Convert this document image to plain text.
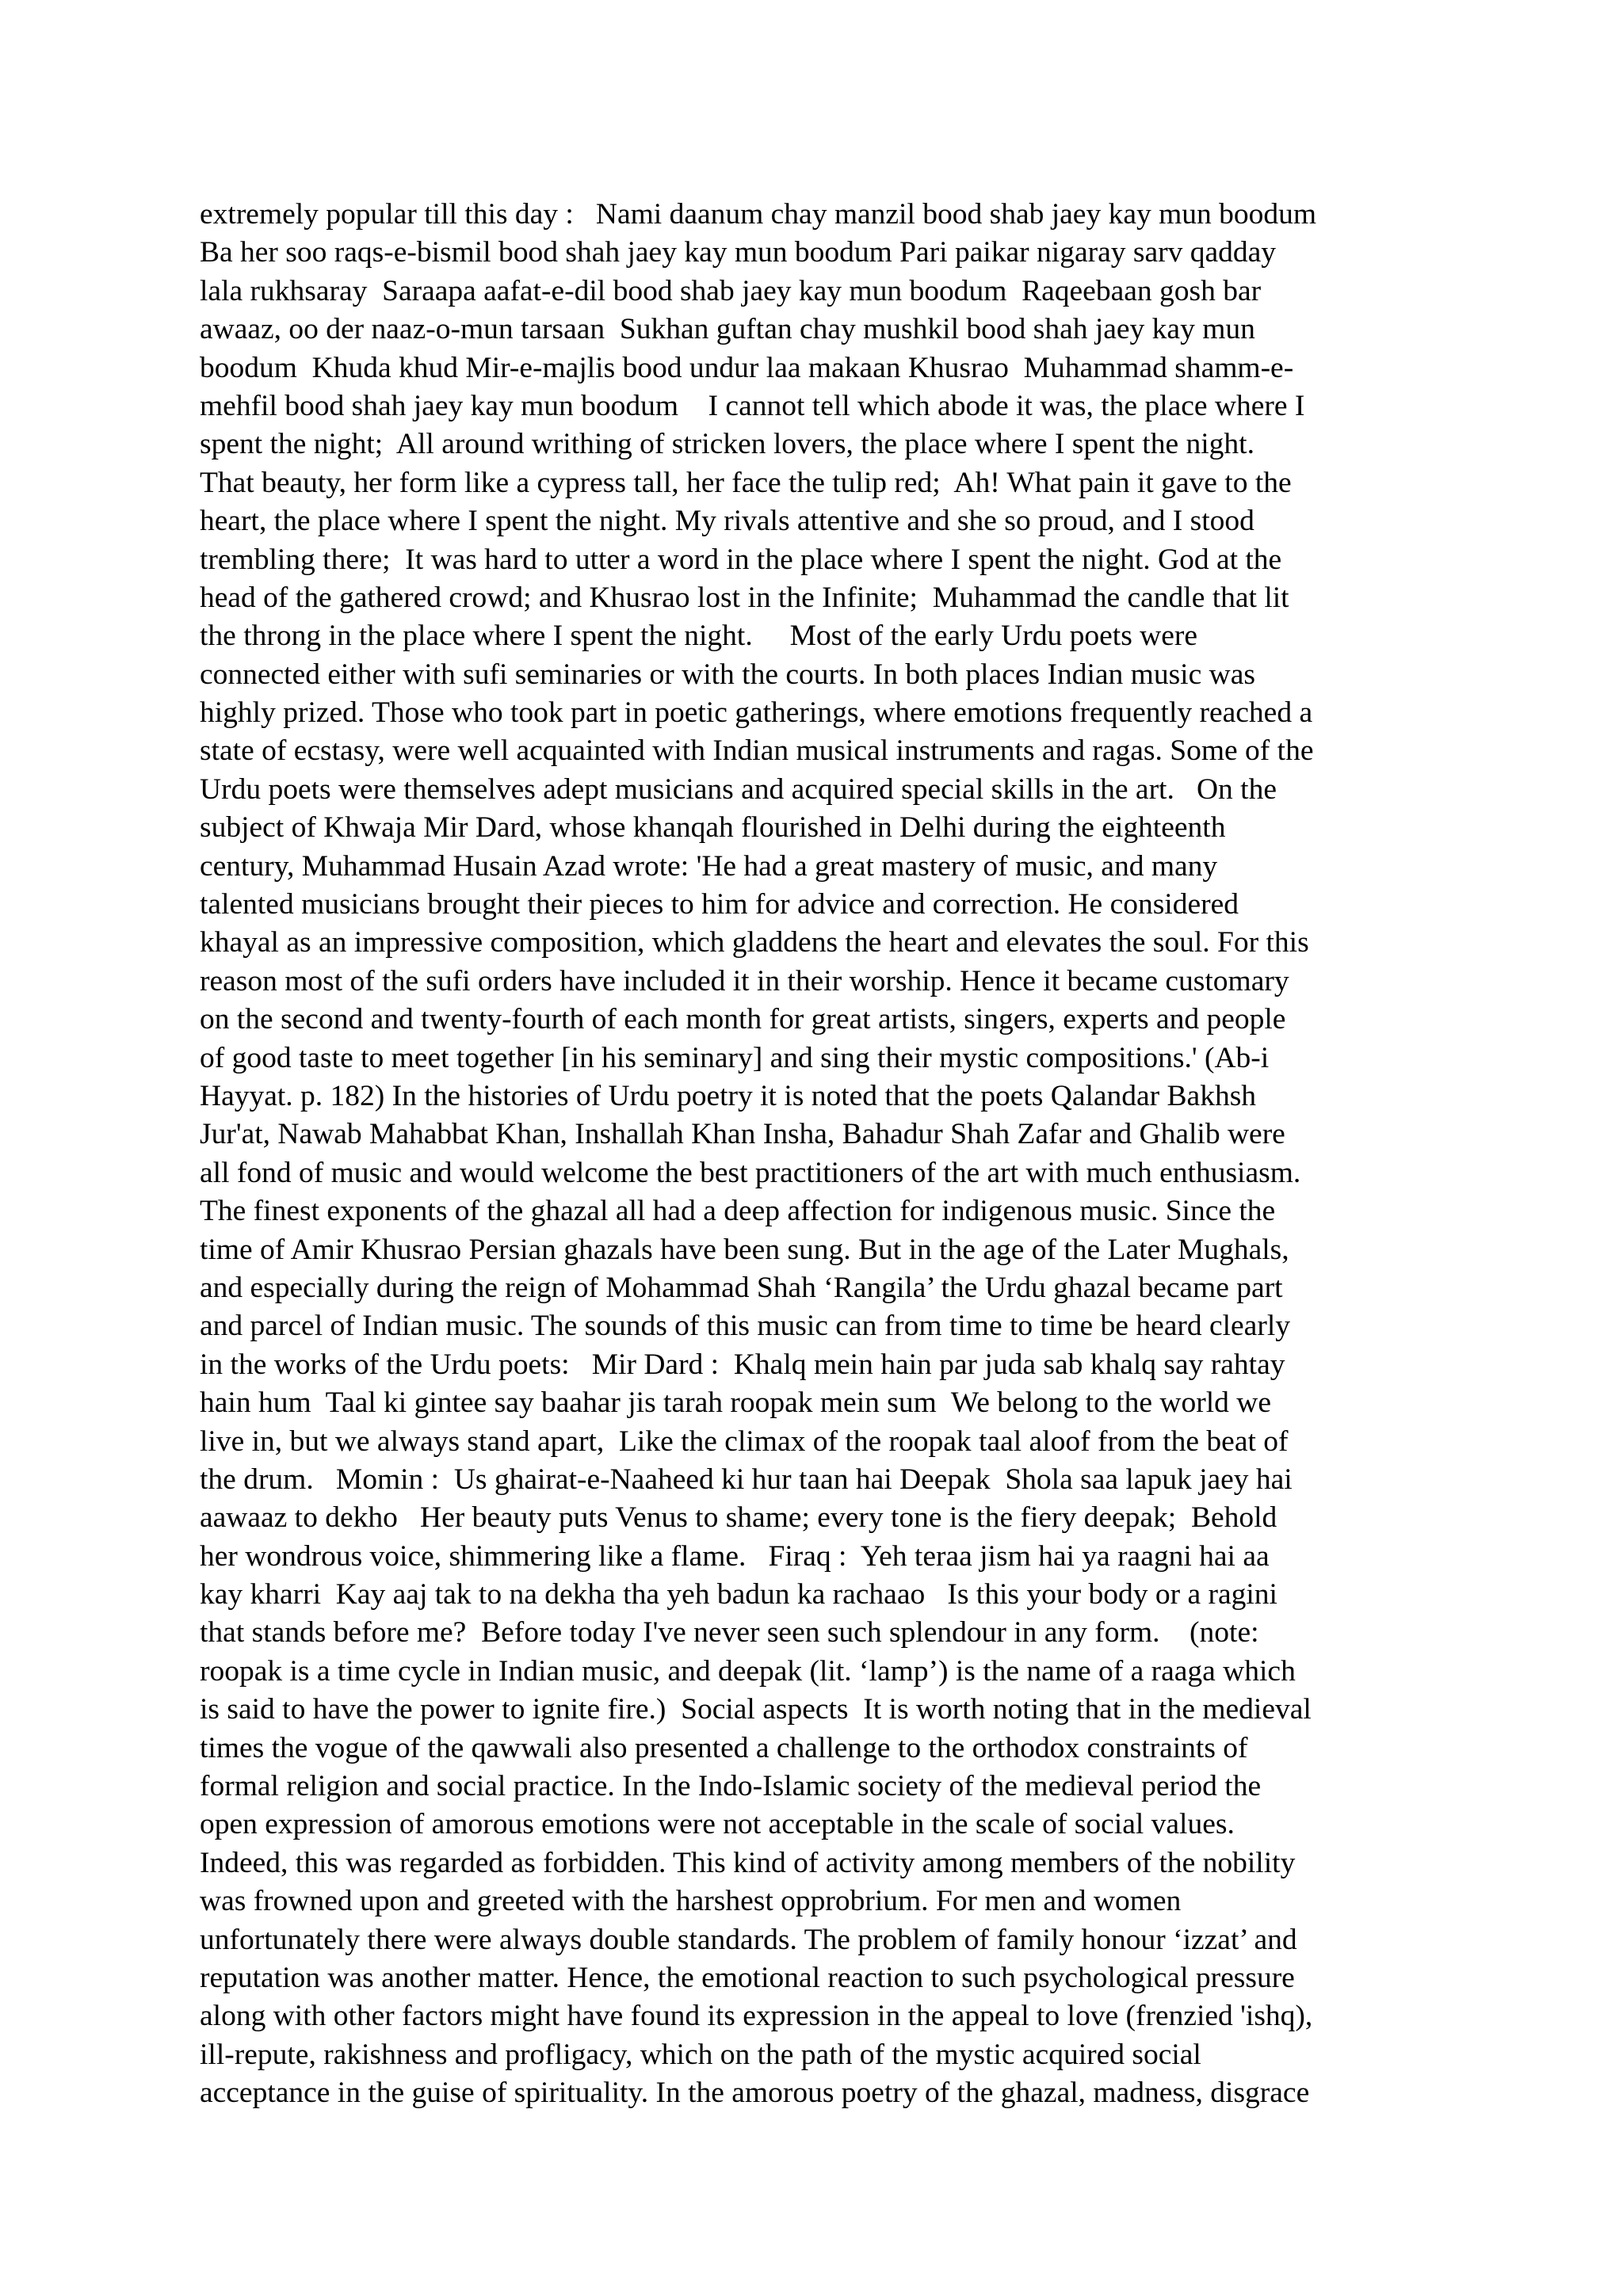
extremely popular till this day :   Nami daanum chay manzil bood shab jaey kay mun boodum
Ba her soo raqs-e-bismil bood shah jaey kay mun boodum Pari paikar nigaray sarv qadday
lala rukhsaray  Saraapa aafat-e-dil bood shab jaey kay mun boodum  Raqeebaan gosh bar
awaaz, oo der naaz-o-mun tarsaan  Sukhan guftan chay mushkil bood shah jaey kay mun
boodum  Khuda khud Mir-e-majlis bood undur laa makaan Khusrao  Muhammad shamm-e-
mehfil bood shah jaey kay mun boodum    I cannot tell which abode it was, the place where I
spent the night;  All around writhing of stricken lovers, the place where I spent the night.
That beauty, her form like a cypress tall, her face the tulip red;  Ah! What pain it gave to the
heart, the place where I spent the night. My rivals attentive and she so proud, and I stood
trembling there;  It was hard to utter a word in the place where I spent the night. God at the
head of the gathered crowd; and Khusrao lost in the Infinite;  Muhammad the candle that lit
the throng in the place where I spent the night.     Most of the early Urdu poets were
connected either with sufi seminaries or with the courts. In both places Indian music was
highly prized. Those who took part in poetic gatherings, where emotions frequently reached a
state of ecstasy, were well acquainted with Indian musical instruments and ragas. Some of the
Urdu poets were themselves adept musicians and acquired special skills in the art.   On the
subject of Khwaja Mir Dard, whose khanqah flourished in Delhi during the eighteenth
century, Muhammad Husain Azad wrote: 'He had a great mastery of music, and many
talented musicians brought their pieces to him for advice and correction. He considered
khayal as an impressive composition, which gladdens the heart and elevates the soul. For this
reason most of the sufi orders have included it in their worship. Hence it became customary
on the second and twenty-fourth of each month for great artists, singers, experts and people
of good taste to meet together [in his seminary] and sing their mystic compositions.' (Ab-i
Hayyat. p. 182) In the histories of Urdu poetry it is noted that the poets Qalandar Bakhsh
Jur'at, Nawab Mahabbat Khan, Inshallah Khan Insha, Bahadur Shah Zafar and Ghalib were
all fond of music and would welcome the best practitioners of the art with much enthusiasm.
The finest exponents of the ghazal all had a deep affection for indigenous music. Since the
time of Amir Khusrao Persian ghazals have been sung. But in the age of the Later Mughals,
and especially during the reign of Mohammad Shah ‘Rangila’ the Urdu ghazal became part
and parcel of Indian music. The sounds of this music can from time to time be heard clearly
in the works of the Urdu poets:   Mir Dard :  Khalq mein hain par juda sab khalq say rahtay
hain hum  Taal ki gintee say baahar jis tarah roopak mein sum  We belong to the world we
live in, but we always stand apart,  Like the climax of the roopak taal aloof from the beat of
the drum.   Momin :  Us ghairat-e-Naaheed ki hur taan hai Deepak  Shola saa lapuk jaey hai
aawaaz to dekho   Her beauty puts Venus to shame; every tone is the fiery deepak;  Behold
her wondrous voice, shimmering like a flame.   Firaq :  Yeh teraa jism hai ya raagni hai aa
kay kharri  Kay aaj tak to na dekha tha yeh badun ka rachaao   Is this your body or a ragini
that stands before me?  Before today I've never seen such splendour in any form.    (note:
roopak is a time cycle in Indian music, and deepak (lit. ‘lamp’) is the name of a raaga which
is said to have the power to ignite fire.)  Social aspects  It is worth noting that in the medieval
times the vogue of the qawwali also presented a challenge to the orthodox constraints of
formal religion and social practice. In the Indo-Islamic society of the medieval period the
open expression of amorous emotions were not acceptable in the scale of social values.
Indeed, this was regarded as forbidden. This kind of activity among members of the nobility
was frowned upon and greeted with the harshest opprobrium. For men and women
unfortunately there were always double standards. The problem of family honour ‘izzat’ and
reputation was another matter. Hence, the emotional reaction to such psychological pressure
along with other factors might have found its expression in the appeal to love (frenzied 'ishq),
ill-repute, rakishness and profligacy, which on the path of the mystic acquired social
acceptance in the guise of spirituality. In the amorous poetry of the ghazal, madness, disgrace
